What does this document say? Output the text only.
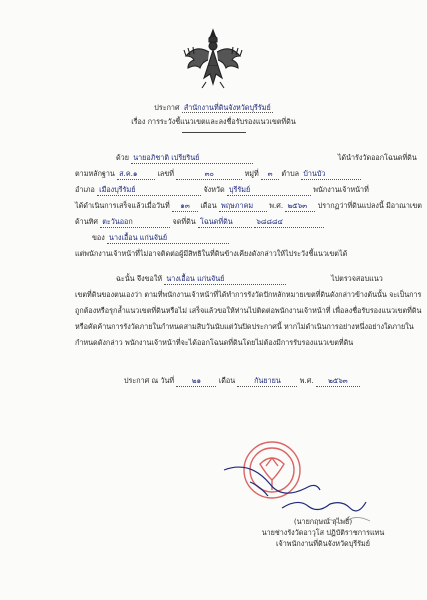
ประกาศ สำนักงานที่ดินจังหวัดบุรีรัมย์
เรื่อง การระวังชี้แนวเขตและลงชื่อรับรองแนวเขตที่ดิน
ด้วย นายอภิชาติ เปรียรินย์	ได้นำรังวัดออกโฉนดที่ดิน
ตามหลักฐาน ส.ค.๑	เลขที่	๓๐	หมู่ที่ ๓ ตำบล บ้านบัว
อำเภอ เมืองบุรีรัมย์	จังหวัด บุรีรัมย์	พนักงานเจ้าหน้าที่
ได้ดำเนินการเสร็จแล้วเมื่อวันที่ ๑๓ เดือน พฤษภาคม พ.ศ. ๒๕๖๓ ปรากฏว่าที่ดินแปลงนี้ มีอาณาเขต
ด้านทิศ ตะวันออก	จดที่ดิน โฉนดที่ดิน	๖๘๘๘๔
ของ นางเอื้อน แก่นจันย์
แต่พนักงานเจ้าหน้าที่ไม่อาจติดต่อผู้มีสิทธิในที่ดินข้างเคียงดังกล่าวให้ไประวังชี้แนวเขตได้
ฉะนั้น จึงขอให้ นางเอื้อน แก่นจันย์	ไปตรวจสอบแนว
เขตที่ดินของตนเองว่า ตามที่พนักงานเจ้าหน้าที่ได้ทำการรังวัดปักหลักหมายเขตที่ดินดังกล่าวข้างต้นนั้น จะเป็นการ
ถูกต้องหรือรุกล้ำแนวเขตที่ดินหรือไม่ เสร็จแล้วขอให้ท่านไปติดต่อพนักงานเจ้าหน้าที่ เพื่อลงชื่อรับรองแนวเขตที่ดิน
หรือคัดค้านการรังวัดภายในกำหนดสามสิบวันนับแต่วันปิดประกาศนี้ หากไม่ดำเนินการอย่างหนึ่งอย่างใดภายใน
กำหนดดังกล่าว พนักงานเจ้าหน้าที่จะได้ออกโฉนดที่ดินโดยไม่ต้องมีการรับรองแนวเขตที่ดิน
ประกาศ ณ วันที่ ๒๑ เดือน	กันยายน	พ.ศ. ๒๕๖๓
(นายกฤษณ์ สุไพธิ์)
นายช่างรังวัดอาวุโส ปฏิบัติราชการแทน
เจ้าพนักงานที่ดินจังหวัดบุรีรัมย์
